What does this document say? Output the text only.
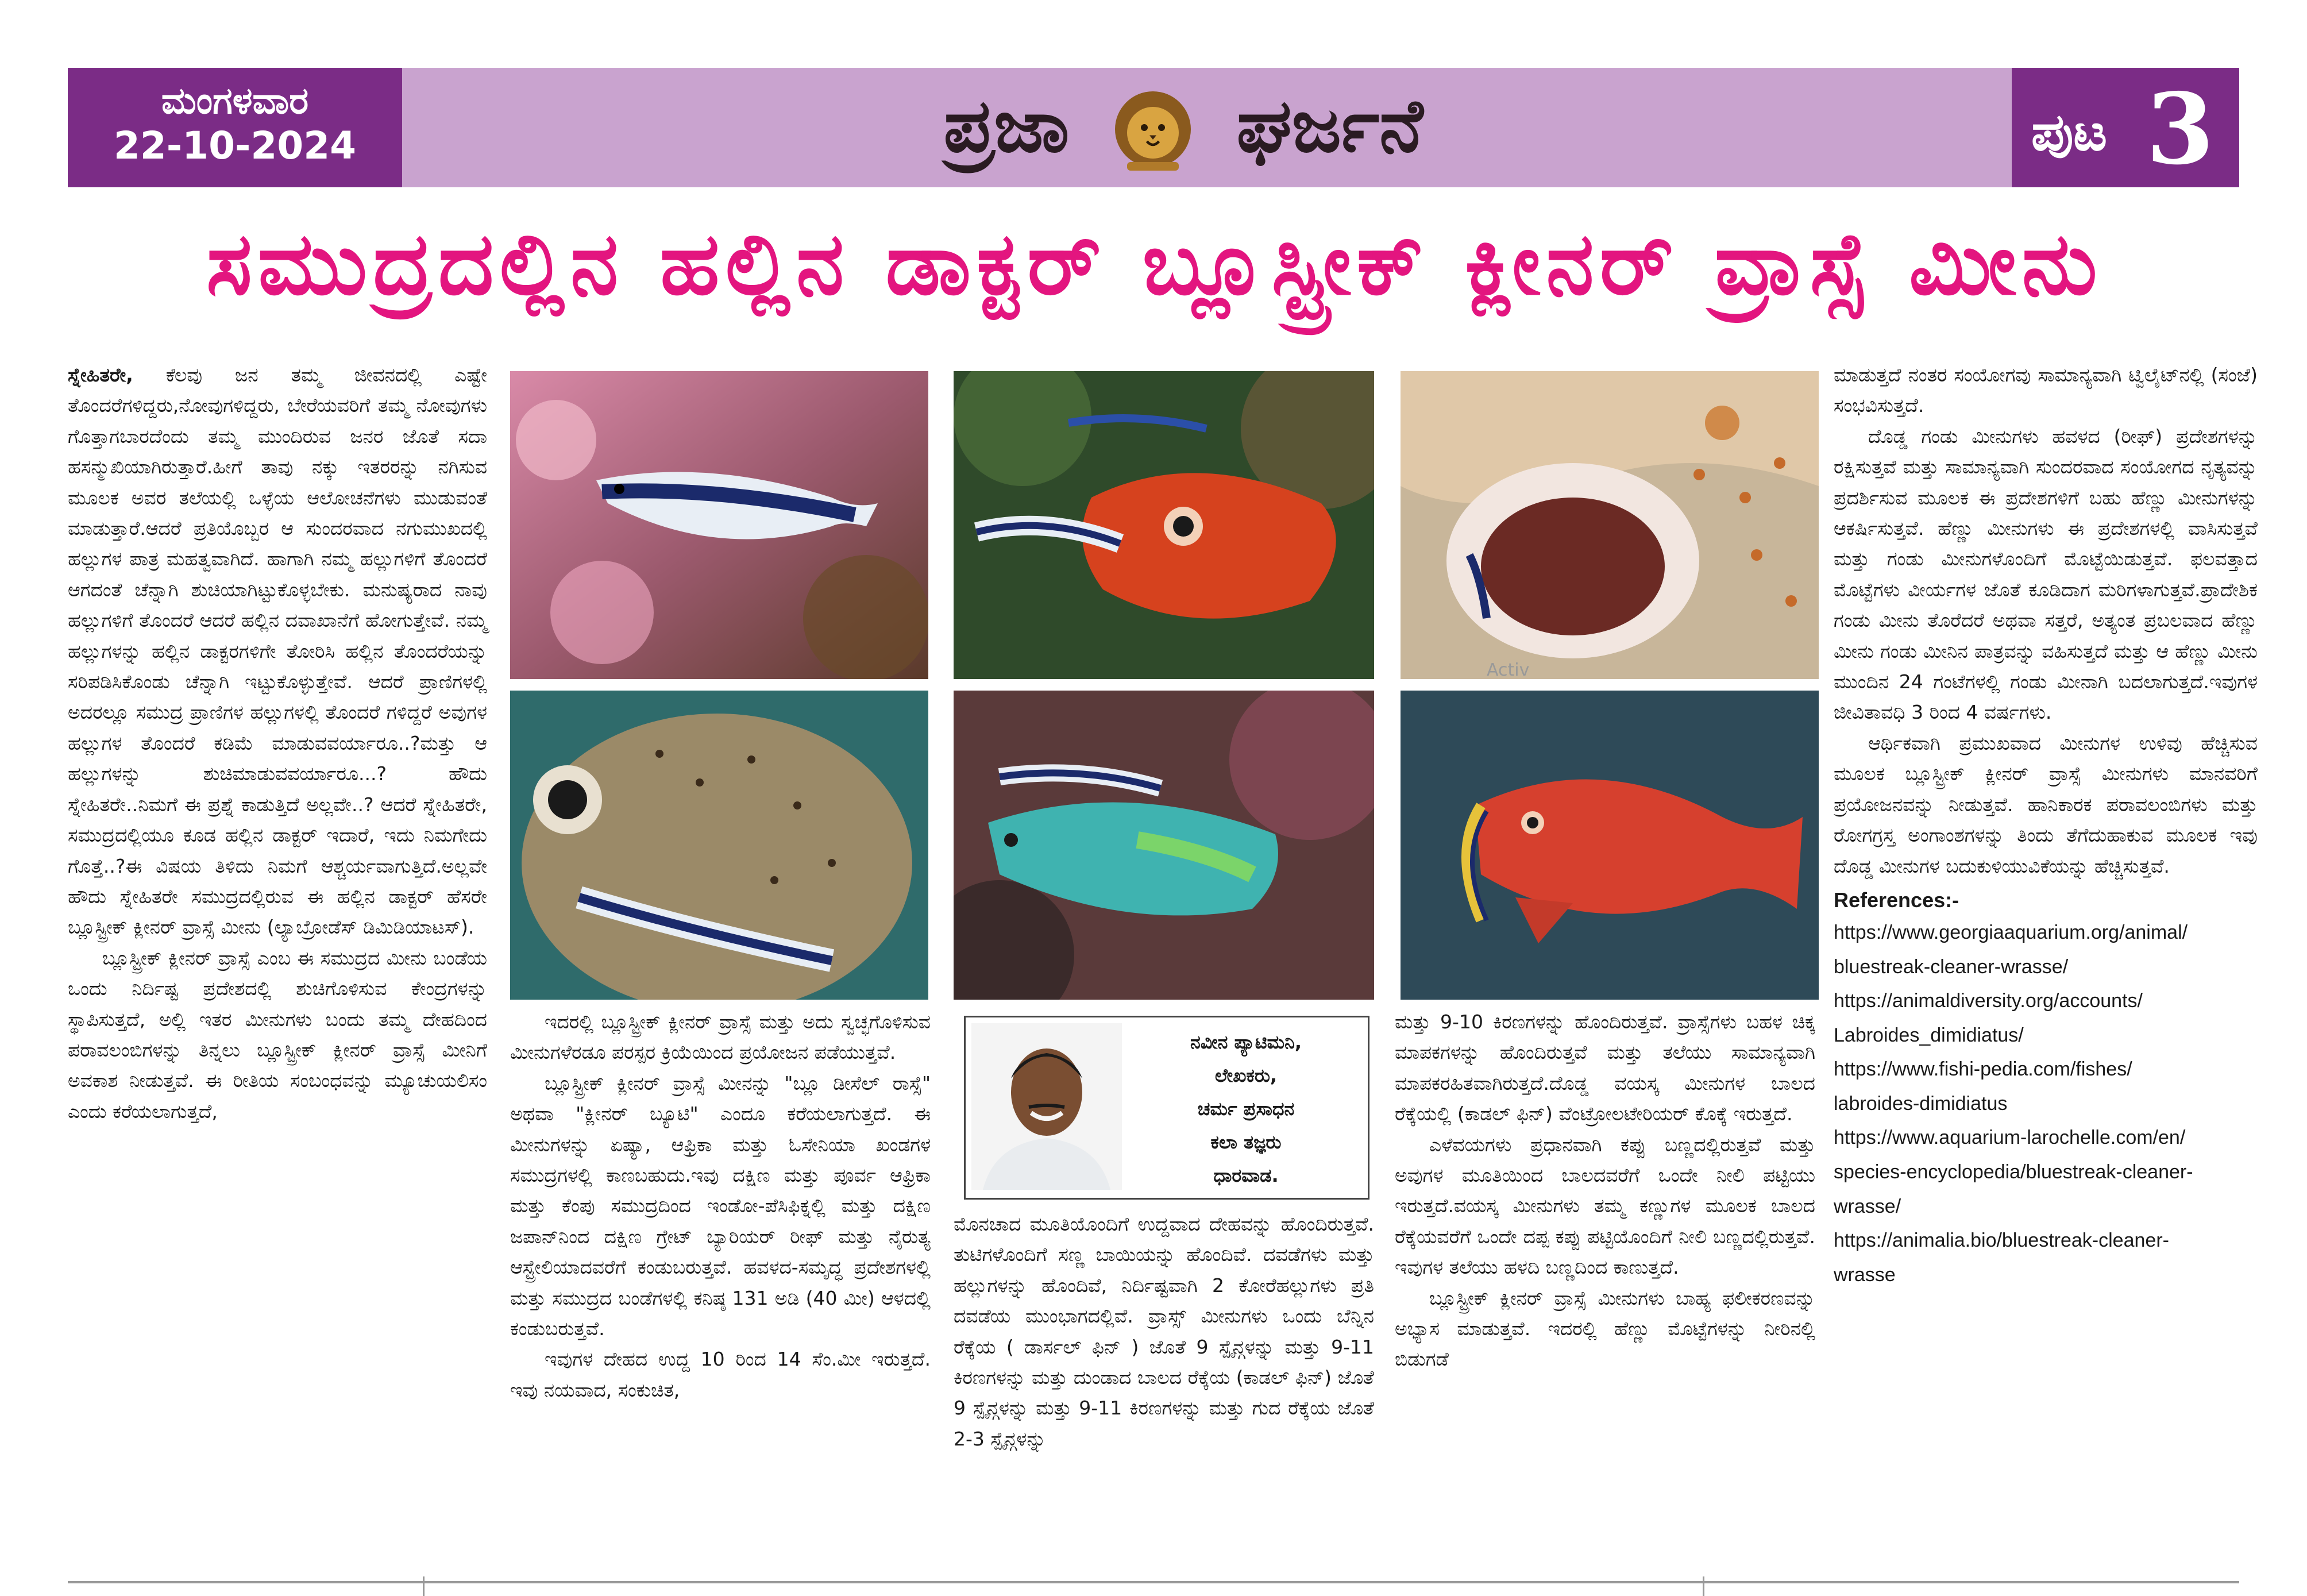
ಮಂಗಳವಾರ
22-10-2024	ಪ್ರಜಾ ಘರ್ಜನೆ	ಪುಟ 3
ಸಮುದ್ರದಲ್ಲಿನ ಹಲ್ಲಿನ ಡಾಕ್ಟರ್ ಬ್ಲೂಸ್ಟ್ರೀಕ್ ಕ್ಲೀನರ್ ವ್ರಾಸ್ಸೆ ಮೀನು

ಸ್ನೇಹಿತರೇ, ಕೆಲವು ಜನ ತಮ್ಮ ಜೀವನದಲ್ಲಿ ಎಷ್ಟೇ ತೊಂದರೆಗಳಿದ್ದರು,ನೋವುಗಳಿದ್ದರು, ಬೇರೆಯವರಿಗೆ ತಮ್ಮ ನೋವುಗಳು ಗೊತ್ತಾಗಬಾರದೆಂದು ತಮ್ಮ ಮುಂದಿರುವ ಜನರ ಜೊತೆ ಸದಾ ಹಸನ್ಮುಖಿಯಾಗಿರುತ್ತಾರೆ.ಹೀಗೆ ತಾವು ನಕ್ಕು ಇತರರನ್ನು ನಗಿಸುವ ಮೂಲಕ ಅವರ ತಲೆಯಲ್ಲಿ ಒಳ್ಳೆಯ ಆಲೋಚನೆಗಳು ಮುಡುವಂತೆ ಮಾಡುತ್ತಾರೆ.ಆದರೆ ಪ್ರತಿಯೊಬ್ಬರ ಆ ಸುಂದರವಾದ ನಗುಮುಖದಲ್ಲಿ ಹಲ್ಲುಗಳ ಪಾತ್ರ ಮಹತ್ವವಾಗಿದೆ. ಹಾಗಾಗಿ ನಮ್ಮ ಹಲ್ಲುಗಳಿಗೆ ತೊಂದರೆ ಆಗದಂತೆ ಚೆನ್ನಾಗಿ ಶುಚಿಯಾಗಿಟ್ಟುಕೊಳ್ಳಬೇಕು. ಮನುಷ್ಯರಾದ ನಾವು ಹಲ್ಲುಗಳಿಗೆ ತೊಂದರೆ ಆದರೆ ಹಲ್ಲಿನ ದವಾಖಾನೆಗೆ ಹೋಗುತ್ತೇವೆ. ನಮ್ಮ ಹಲ್ಲುಗಳನ್ನು ಹಲ್ಲಿನ ಡಾಕ್ಟರಗಳಿಗೇ ತೋರಿಸಿ ಹಲ್ಲಿನ ತೊಂದರೆಯನ್ನು ಸರಿಪಡಿಸಿಕೊಂಡು ಚೆನ್ನಾಗಿ ಇಟ್ಟುಕೊಳ್ಳುತ್ತೇವೆ. ಆದರೆ ಪ್ರಾಣಿಗಳಲ್ಲಿ ಅದರಲ್ಲೂ ಸಮುದ್ರ ಪ್ರಾಣಿಗಳ ಹಲ್ಲುಗಳಲ್ಲಿ ತೊಂದರೆ ಗಳಿದ್ದರೆ ಅವುಗಳ ಹಲ್ಲುಗಳ ತೊಂದರೆ ಕಡಿಮೆ ಮಾಡುವವರ್ಯಾರೂ..?ಮತ್ತು ಆ ಹಲ್ಲುಗಳನ್ನು ಶುಚಿಮಾಡುವವರ್ಯಾರೂ...? ಹೌದು ಸ್ನೇಹಿತರೇ..ನಿಮಗೆ ಈ ಪ್ರಶ್ನೆ ಕಾಡುತ್ತಿದೆ ಅಲ್ಲವೇ..? ಆದರೆ ಸ್ನೇಹಿತರೇ, ಸಮುದ್ರದಲ್ಲಿಯೂ ಕೂಡ ಹಲ್ಲಿನ ಡಾಕ್ಟರ್ ಇದಾರೆ, ಇದು ನಿಮಗೇದು ಗೊತ್ತೆ..?ಈ ವಿಷಯ ತಿಳಿದು ನಿಮಗೆ ಆಶ್ಚರ್ಯವಾಗುತ್ತಿದೆ.ಅಲ್ಲವೇ ಹೌದು ಸ್ನೇಹಿತರೇ ಸಮುದ್ರದಲ್ಲಿರುವ ಈ ಹಲ್ಲಿನ ಡಾಕ್ಟರ್ ಹೆಸರೇ ಬ್ಲೂಸ್ಟ್ರೀಕ್ ಕ್ಲೀನರ್ ವ್ರಾಸ್ಸೆ ಮೀನು (ಲ್ಯಾಬ್ರೋಡೆಸ್ ಡಿಮಿಡಿಯಾಟಸ್).

ಬ್ಲೂಸ್ಟ್ರೀಕ್ ಕ್ಲೀನರ್ ವ್ರಾಸ್ಸೆ ಎಂಬ ಈ ಸಮುದ್ರದ ಮೀನು ಬಂಡೆಯ ಒಂದು ನಿರ್ದಿಷ್ಟ ಪ್ರದೇಶದಲ್ಲಿ ಶುಚಿಗೊಳಿಸುವ ಕೇಂದ್ರಗಳನ್ನು ಸ್ಥಾಪಿಸುತ್ತದೆ, ಅಲ್ಲಿ ಇತರ ಮೀನುಗಳು ಬಂದು ತಮ್ಮ ದೇಹದಿಂದ ಪರಾವಲಂಬಿಗಳನ್ನು ತಿನ್ನಲು ಬ್ಲೂಸ್ಟ್ರೀಕ್ ಕ್ಲೀನರ್ ವ್ರಾಸ್ಸೆ ಮೀನಿಗೆ ಅವಕಾಶ ನೀಡುತ್ತವೆ. ಈ ರೀತಿಯ ಸಂಬಂಧವನ್ನು ಮ್ಯೂಚುಯಲಿಸಂ ಎಂದು ಕರೆಯಲಾಗುತ್ತದೆ,

Activ

ಇದರಲ್ಲಿ ಬ್ಲೂಸ್ಟ್ರೀಕ್ ಕ್ಲೀನರ್ ವ್ರಾಸ್ಸೆ ಮತ್ತು ಅದು ಸ್ವಚ್ಛಗೊಳಿಸುವ ಮೀನುಗಳೆರಡೂ ಪರಸ್ಪರ ಕ್ರಿಯೆಯಿಂದ ಪ್ರಯೋಜನ ಪಡೆಯುತ್ತವೆ.

ಬ್ಲೂಸ್ಟ್ರೀಕ್ ಕ್ಲೀನರ್ ವ್ರಾಸ್ಸೆ ಮೀನನ್ನು "ಬ್ಲೂ ಡೀಸೆಲ್ ರಾಸ್ಸೆ" ಅಥವಾ "ಕ್ಲೀನರ್ ಬ್ಯೂಟಿ" ಎಂದೂ ಕರೆಯಲಾಗುತ್ತದೆ. ಈ ಮೀನುಗಳನ್ನು ಏಷ್ಯಾ, ಆಫ್ರಿಕಾ ಮತ್ತು ಓಸೇನಿಯಾ ಖಂಡಗಳ ಸಮುದ್ರಗಳಲ್ಲಿ ಕಾಣಬಹುದು.ಇವು ದಕ್ಷಿಣ ಮತ್ತು ಪೂರ್ವ ಆಫ್ರಿಕಾ ಮತ್ತು ಕೆಂಪು ಸಮುದ್ರದಿಂದ ಇಂಡೋ-ಪೆಸಿಫಿಕ್ನಲ್ಲಿ ಮತ್ತು ದಕ್ಷಿಣ ಜಪಾನ್‌ನಿಂದ ದಕ್ಷಿಣ ಗ್ರೇಟ್ ಬ್ಯಾರಿಯರ್ ರೀಫ್ ಮತ್ತು ನೈರುತ್ಯ ಆಸ್ಟ್ರೇಲಿಯಾದವರೆಗೆ ಕಂಡುಬರುತ್ತವೆ. ಹವಳದ-ಸಮೃದ್ಧ ಪ್ರದೇಶಗಳಲ್ಲಿ ಮತ್ತು ಸಮುದ್ರದ ಬಂಡೆಗಳಲ್ಲಿ ಕನಿಷ್ಠ 131 ಅಡಿ (40 ಮೀ) ಆಳದಲ್ಲಿ ಕಂಡುಬರುತ್ತವೆ.

ಇವುಗಳ ದೇಹದ ಉದ್ದ 10 ರಿಂದ 14 ಸೆಂ.ಮೀ ಇರುತ್ತದೆ. ಇವು ನಯವಾದ, ಸಂಕುಚಿತ,

ನವೀನ ಪ್ಯಾಟಿಮನಿ,
ಲೇಖಕರು,
ಚರ್ಮ ಪ್ರಸಾಧನ
ಕಲಾ ತಜ್ಞರು
ಧಾರವಾಡ.

ಮೊನಚಾದ ಮೂತಿಯೊಂದಿಗೆ ಉದ್ದವಾದ ದೇಹವನ್ನು ಹೊಂದಿರುತ್ತವೆ. ತುಟಿಗಳೊಂದಿಗೆ ಸಣ್ಣ ಬಾಯಿಯನ್ನು ಹೊಂದಿವೆ. ದವಡೆಗಳು ಮತ್ತು ಹಲ್ಲುಗಳನ್ನು ಹೊಂದಿವೆ, ನಿರ್ದಿಷ್ಟವಾಗಿ 2 ಕೋರೆಹಲ್ಲುಗಳು ಪ್ರತಿ ದವಡೆಯ ಮುಂಭಾಗದಲ್ಲಿವೆ. ವ್ರಾಸ್ಸ್ ಮೀನುಗಳು ಒಂದು ಬೆನ್ನಿನ ರೆಕ್ಕೆಯ ( ಡಾರ್ಸಲ್ ಫಿನ್ ) ಜೊತೆ 9 ಸ್ಪೈನ್ಗಳನ್ನು ಮತ್ತು 9-11 ಕಿರಣಗಳನ್ನು ಮತ್ತು ದುಂಡಾದ ಬಾಲದ ರೆಕ್ಕೆಯ (ಕಾಡಲ್ ಫಿನ್) ಜೊತೆ 9 ಸ್ಪೈನ್ಗಳನ್ನು ಮತ್ತು 9-11 ಕಿರಣಗಳನ್ನು ಮತ್ತು ಗುದ ರೆಕ್ಕೆಯ ಜೊತೆ 2-3 ಸ್ಪೈನ್ಗಳನ್ನು

ಮತ್ತು 9-10 ಕಿರಣಗಳನ್ನು ಹೊಂದಿರುತ್ತವೆ. ವ್ರಾಸ್ಸೆಗಳು ಬಹಳ ಚಿಕ್ಕ ಮಾಪಕಗಳನ್ನು ಹೊಂದಿರುತ್ತವೆ ಮತ್ತು ತಲೆಯು ಸಾಮಾನ್ಯವಾಗಿ ಮಾಪಕರಹಿತವಾಗಿರುತ್ತದೆ.ದೊಡ್ಡ ವಯಸ್ಕ ಮೀನುಗಳ ಬಾಲದ ರೆಕ್ಕೆಯಲ್ಲಿ (ಕಾಡಲ್ ಫಿನ್) ವೆಂಟ್ರೋಲಟೇರಿಯರ್ ಕೊಕ್ಕೆ ಇರುತ್ತದೆ.

ಎಳೆವಯಗಳು ಪ್ರಧಾನವಾಗಿ ಕಪ್ಪು ಬಣ್ಣದಲ್ಲಿರುತ್ತವೆ ಮತ್ತು ಅವುಗಳ ಮೂತಿಯಿಂದ ಬಾಲದವರೆಗೆ ಒಂದೇ ನೀಲಿ ಪಟ್ಟಿಯು ಇರುತ್ತದೆ.ವಯಸ್ಕ ಮೀನುಗಳು ತಮ್ಮ ಕಣ್ಣುಗಳ ಮೂಲಕ ಬಾಲದ ರೆಕ್ಕೆಯವರೆಗೆ ಒಂದೇ ದಪ್ಪ ಕಪ್ಪು ಪಟ್ಟಿಯೊಂದಿಗೆ ನೀಲಿ ಬಣ್ಣದಲ್ಲಿರುತ್ತವೆ. ಇವುಗಳ ತಲೆಯು ಹಳದಿ ಬಣ್ಣದಿಂದ ಕಾಣುತ್ತದೆ.

ಬ್ಲೂಸ್ಟ್ರೀಕ್ ಕ್ಲೀನರ್ ವ್ರಾಸ್ಸೆ ಮೀನುಗಳು ಬಾಹ್ಯ ಫಲೀಕರಣವನ್ನು ಅಭ್ಯಾಸ ಮಾಡುತ್ತವೆ. ಇದರಲ್ಲಿ ಹೆಣ್ಣು ಮೊಟ್ಟೆಗಳನ್ನು ನೀರಿನಲ್ಲಿ ಬಿಡುಗಡೆ

ಮಾಡುತ್ತದೆ ನಂತರ ಸಂಯೋಗವು ಸಾಮಾನ್ಯವಾಗಿ ಟ್ವಿಲೈಟ್‌ನಲ್ಲಿ (ಸಂಜೆ) ಸಂಭವಿಸುತ್ತದೆ.

ದೊಡ್ಡ ಗಂಡು ಮೀನುಗಳು ಹವಳದ (ರೀಫ್) ಪ್ರದೇಶಗಳನ್ನು ರಕ್ಷಿಸುತ್ತವೆ ಮತ್ತು ಸಾಮಾನ್ಯವಾಗಿ ಸುಂದರವಾದ ಸಂಯೋಗದ ನೃತ್ಯವನ್ನು ಪ್ರದರ್ಶಿಸುವ ಮೂಲಕ ಈ ಪ್ರದೇಶಗಳಿಗೆ ಬಹು ಹೆಣ್ಣು ಮೀನುಗಳನ್ನು ಆಕರ್ಷಿಸುತ್ತವೆ. ಹೆಣ್ಣು ಮೀನುಗಳು ಈ ಪ್ರದೇಶಗಳಲ್ಲಿ ವಾಸಿಸುತ್ತವೆ ಮತ್ತು ಗಂಡು ಮೀನುಗಳೊಂದಿಗೆ ಮೊಟ್ಟೆಯಿಡುತ್ತವೆ. ಫಲವತ್ತಾದ ಮೊಟ್ಟೆಗಳು ವೀರ್ಯಗಳ ಜೊತೆ ಕೂಡಿದಾಗ ಮರಿಗಳಾಗುತ್ತವೆ.ಪ್ರಾದೇಶಿಕ ಗಂಡು ಮೀನು ತೊರೆದರೆ ಅಥವಾ ಸತ್ತರೆ, ಅತ್ಯಂತ ಪ್ರಬಲವಾದ ಹೆಣ್ಣು ಮೀನು ಗಂಡು ಮೀನಿನ ಪಾತ್ರವನ್ನು ವಹಿಸುತ್ತದೆ ಮತ್ತು ಆ ಹೆಣ್ಣು ಮೀನು ಮುಂದಿನ 24 ಗಂಟೆಗಳಲ್ಲಿ ಗಂಡು ಮೀನಾಗಿ ಬದಲಾಗುತ್ತದೆ.ಇವುಗಳ ಜೀವಿತಾವಧಿ 3 ರಿಂದ 4 ವರ್ಷಗಳು.

ಆರ್ಥಿಕವಾಗಿ ಪ್ರಮುಖವಾದ ಮೀನುಗಳ ಉಳಿವು ಹೆಚ್ಚಿಸುವ ಮೂಲಕ ಬ್ಲೂಸ್ಟ್ರೀಕ್ ಕ್ಲೀನರ್ ವ್ರಾಸ್ಸೆ ಮೀನುಗಳು ಮಾನವರಿಗೆ ಪ್ರಯೋಜನವನ್ನು ನೀಡುತ್ತವೆ. ಹಾನಿಕಾರಕ ಪರಾವಲಂಬಿಗಳು ಮತ್ತು ರೋಗಗ್ರಸ್ತ ಅಂಗಾಂಶಗಳನ್ನು ತಿಂದು ತೆಗೆದುಹಾಕುವ ಮೂಲಕ ಇವು ದೊಡ್ಡ ಮೀನುಗಳ ಬದುಕುಳಿಯುವಿಕೆಯನ್ನು ಹೆಚ್ಚಿಸುತ್ತವೆ.

References:-
https://www.georgiaaquarium.org/animal/
bluestreak-cleaner-wrasse/
https://animaldiversity.org/accounts/
Labroides_dimidiatus/
https://www.fishi-pedia.com/fishes/
labroides-dimidiatus
https://www.aquarium-larochelle.com/en/
species-encyclopedia/bluestreak-cleaner-
wrasse/
https://animalia.bio/bluestreak-cleaner-
wrasse
